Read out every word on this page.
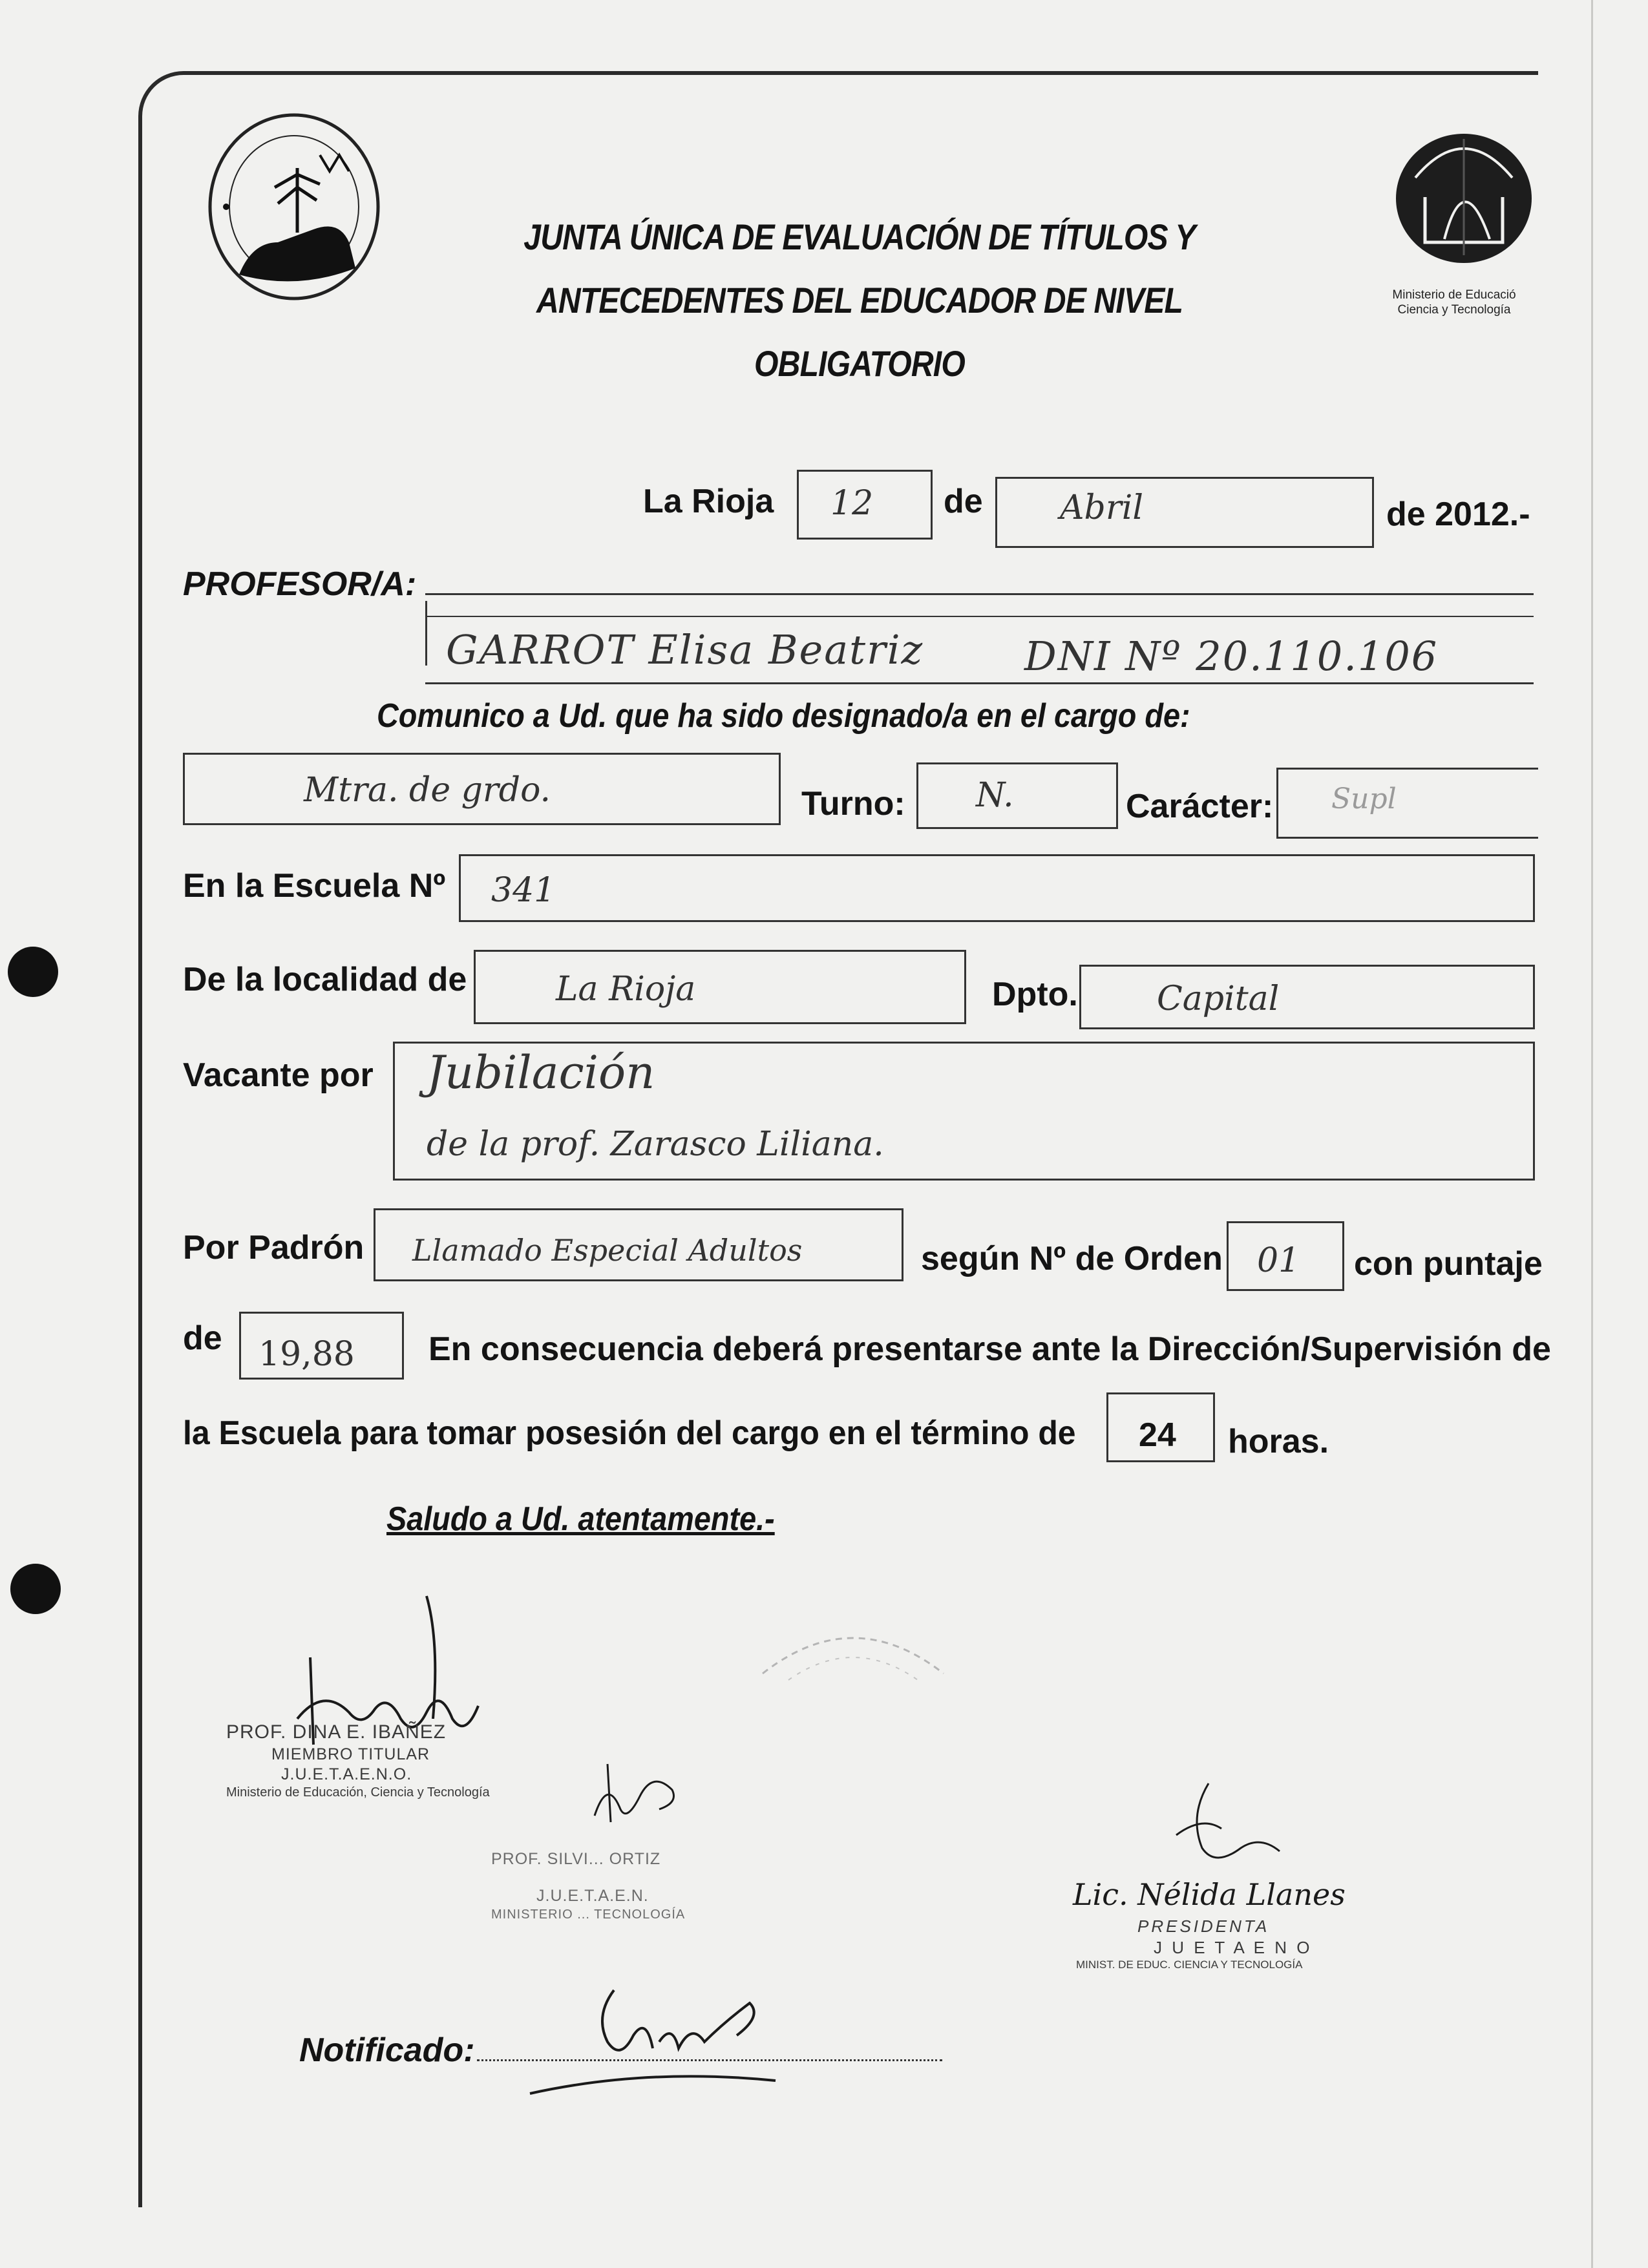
Ministerio de Educació
Ciencia y Tecnología
JUNTA ÚNICA DE EVALUACIÓN DE TÍTULOS Y
ANTECEDENTES DEL EDUCADOR DE NIVEL OBLIGATORIO
La Rioja 12 de Abril	de 2012.-
PROFESOR/A:
GARROT Elisa Beatriz	DNI Nº 20.110.106
Comunico a Ud. que ha sido designado/a en el cargo de:
Mtra. de grdo.	Turno: N.	Carácter: Supl
En la Escuela Nº 341
De la localidad de	La Rioja	Dpto. Capital
Vacante por Jubilación
de la prof. Zarasco Liliana.
Por Padrón Llamado Especial Adultos	según Nº de Orden 01 con puntaje
de 19,88 En consecuencia deberá presentarse ante la Dirección/Supervisión de
la Escuela para tomar posesión del cargo en el término de 24 horas.
Saludo a Ud. atentamente.-
PROF. DINA E. IBAÑEZ
MIEMBRO TITULAR
J.U.E.T.A.E.N.O.
Ministerio de Educación, Ciencia y Tecnología
PROF. SILVI... ORTIZ
J.U.E.T.A.E.N.
MINISTERIO ... TECNOLOGÍA
Lic. Nélida Llanes
PRESIDENTA
J U E T A E N O
MINIST. DE EDUC. CIENCIA Y TECNOLOGÍA
Notificado:
